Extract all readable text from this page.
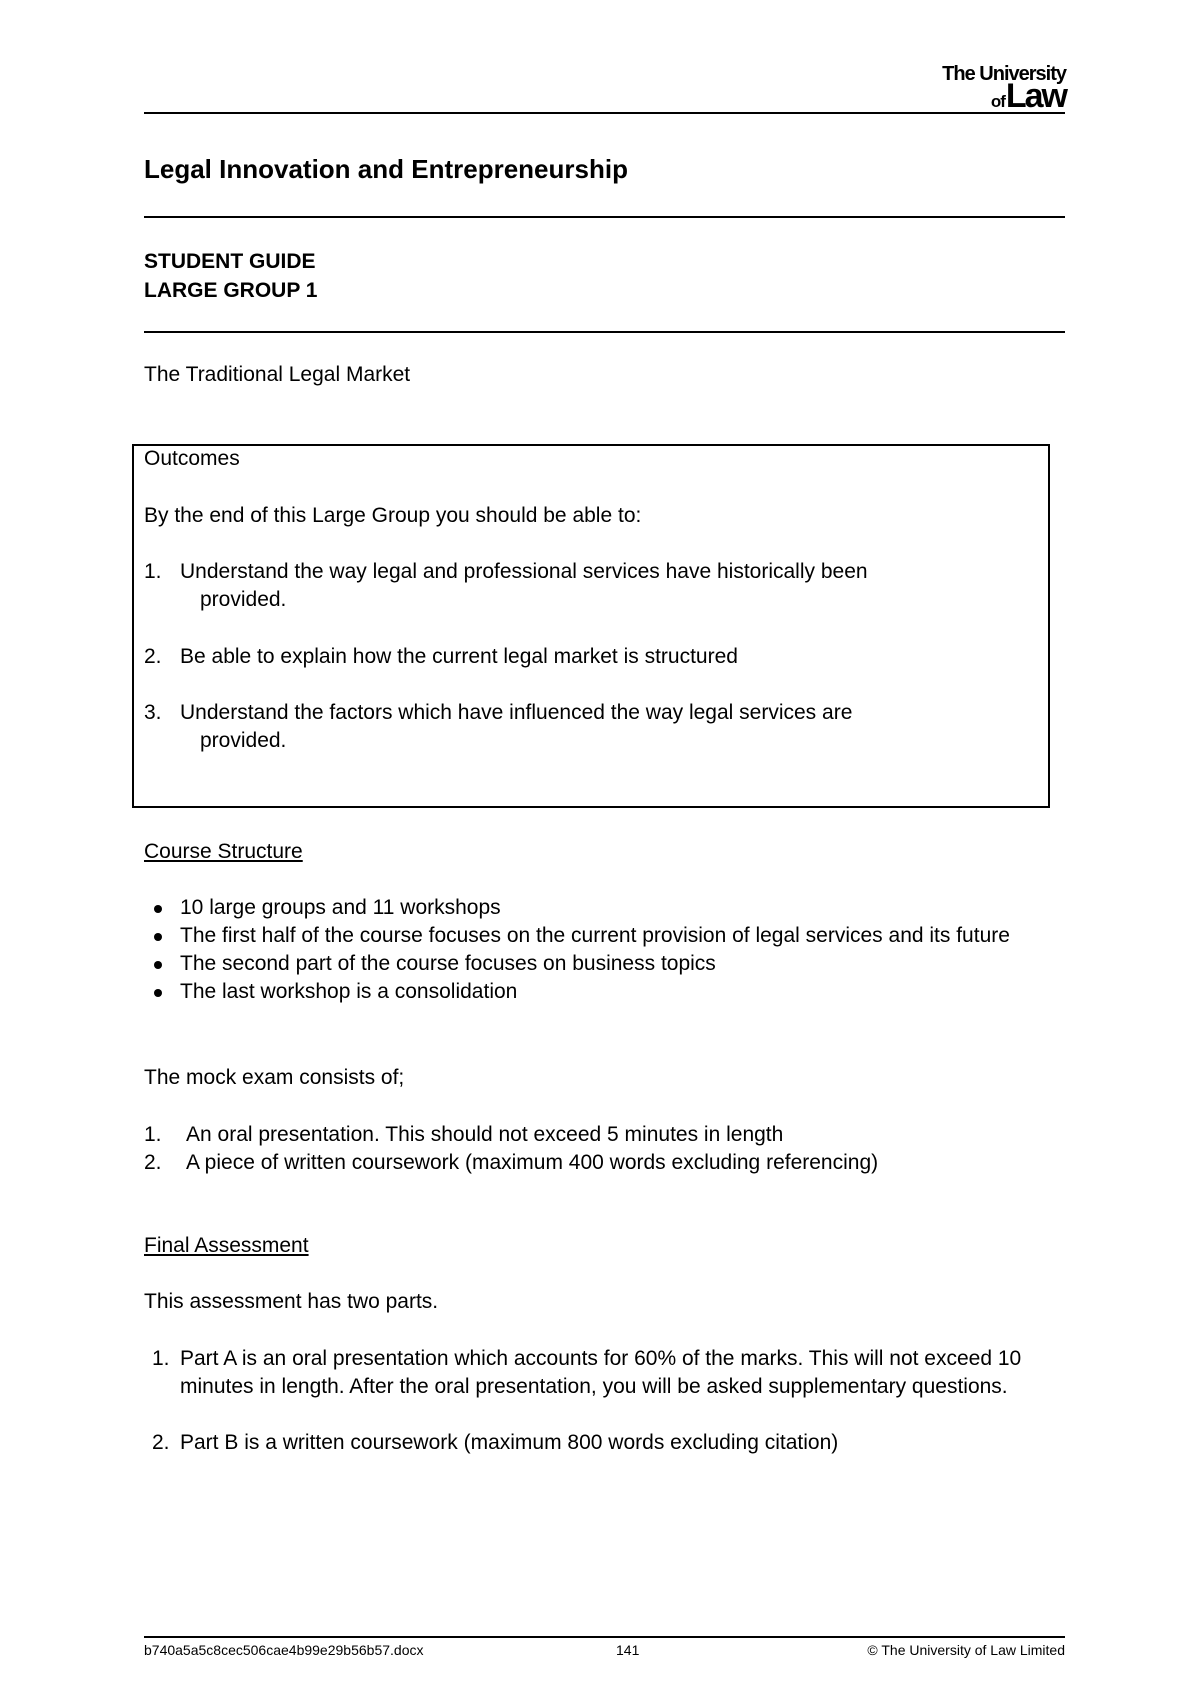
The University
of Law
Legal Innovation and Entrepreneurship
STUDENT GUIDE
LARGE GROUP 1
The Traditional Legal Market
Outcomes
By the end of this Large Group you should be able to:
1. Understand the way legal and professional services have historically been
provided.
2. Be able to explain how the current legal market is structured
3. Understand the factors which have influenced the way legal services are
provided.
Course Structure
10 large groups and 11 workshops
The first half of the course focuses on the current provision of legal services and its future
The second part of the course focuses on business topics
The last workshop is a consolidation
The mock exam consists of;
1.	An oral presentation. This should not exceed 5 minutes in length
2.	A piece of written coursework (maximum 400 words excluding referencing)
Final Assessment
This assessment has two parts.
1. Part A is an oral presentation which accounts for 60% of the marks. This will not exceed 10 minutes in length. After the oral presentation, you will be asked supplementary questions.
2. Part B is a written coursework (maximum 800 words excluding citation)
b740a5a5c8cec506cae4b99e29b56b57.docx	141	© The University of Law Limited
